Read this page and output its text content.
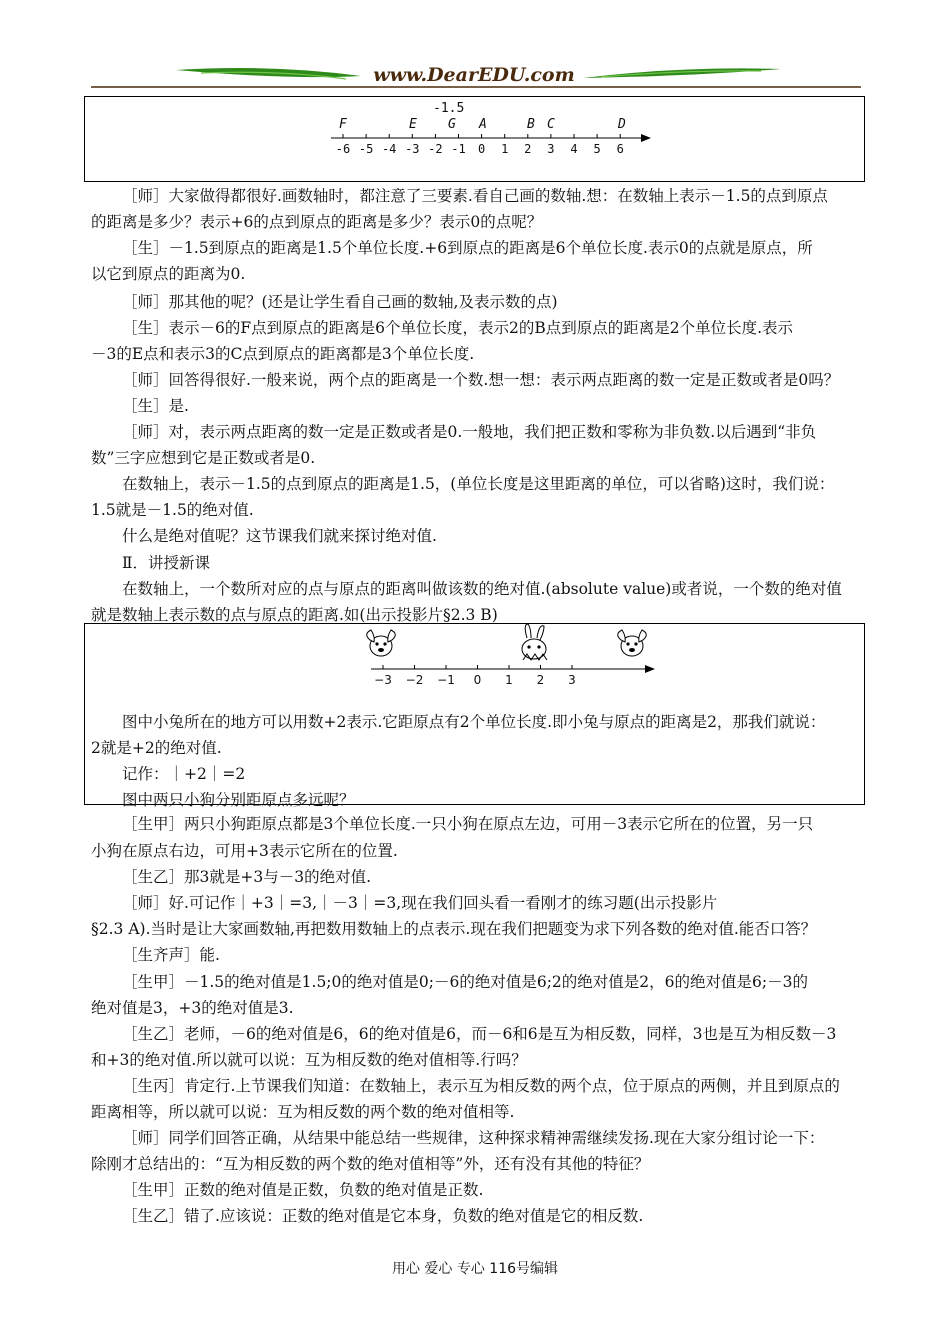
www.DearEDU.com
-1.5
F	E G A	B C	D
-6 -5 -4 -3 -2 -1	0	1	2	3	4	5	6
［师］大家做得都很好.画数轴时，都注意了三要素.看自己画的数轴.想：在数轴上表示－1.5的点到原点
的距离是多少？表示+6的点到原点的距离是多少？表示0的点呢？
［生］－1.5到原点的距离是1.5个单位长度.+6到原点的距离是6个单位长度.表示0的点就是原点，所
以它到原点的距离为0.
［师］那其他的呢？(还是让学生看自己画的数轴,及表示数的点)
［生］表示－6的F点到原点的距离是6个单位长度，表示2的B点到原点的距离是2个单位长度.表示
－3的E点和表示3的C点到原点的距离都是3个单位长度.
［师］回答得很好.一般来说，两个点的距离是一个数.想一想：表示两点距离的数一定是正数或者是0吗？
［生］是.
［师］对，表示两点距离的数一定是正数或者是0.一般地，我们把正数和零称为非负数.以后遇到“非负
数”三字应想到它是正数或者是0.
在数轴上，表示－1.5的点到原点的距离是1.5，(单位长度是这里距离的单位，可以省略)这时，我们说：
1.5就是－1.5的绝对值.
什么是绝对值呢？这节课我们就来探讨绝对值.
Ⅱ．讲授新课
在数轴上，一个数所对应的点与原点的距离叫做该数的绝对值.(absolute value)或者说，一个数的绝对值
就是数轴上表示数的点与原点的距离.如(出示投影片§2.3 B)
−3 −2 −1	0	1	2	3
图中小兔所在的地方可以用数+2表示.它距原点有2个单位长度.即小兔与原点的距离是2，那我们就说：
2就是+2的绝对值.
记作：｜+2｜=2
图中两只小狗分别距原点多远呢？
［生甲］两只小狗距原点都是3个单位长度.一只小狗在原点左边，可用－3表示它所在的位置，另一只
小狗在原点右边，可用+3表示它所在的位置.
［生乙］那3就是+3与－3的绝对值.
［师］好.可记作｜+3｜=3,｜－3｜=3,现在我们回头看一看刚才的练习题(出示投影片
§2.3 A).当时是让大家画数轴,再把数用数轴上的点表示.现在我们把题变为求下列各数的绝对值.能否口答？
［生齐声］能.
［生甲］－1.5的绝对值是1.5;0的绝对值是0;－6的绝对值是6;2的绝对值是2，6的绝对值是6;－3的
绝对值是3，+3的绝对值是3.
［生乙］老师，－6的绝对值是6，6的绝对值是6，而－6和6是互为相反数，同样，3也是互为相反数－3
和+3的绝对值.所以就可以说：互为相反数的绝对值相等.行吗？
［生丙］肯定行.上节课我们知道：在数轴上，表示互为相反数的两个点，位于原点的两侧，并且到原点的
距离相等，所以就可以说：互为相反数的两个数的绝对值相等.
［师］同学们回答正确，从结果中能总结一些规律，这种探求精神需继续发扬.现在大家分组讨论一下：
除刚才总结出的：“互为相反数的两个数的绝对值相等”外，还有没有其他的特征？
［生甲］正数的绝对值是正数，负数的绝对值是正数.
［生乙］错了.应该说：正数的绝对值是它本身，负数的绝对值是它的相反数.
用心 爱心 专心 116号编辑
